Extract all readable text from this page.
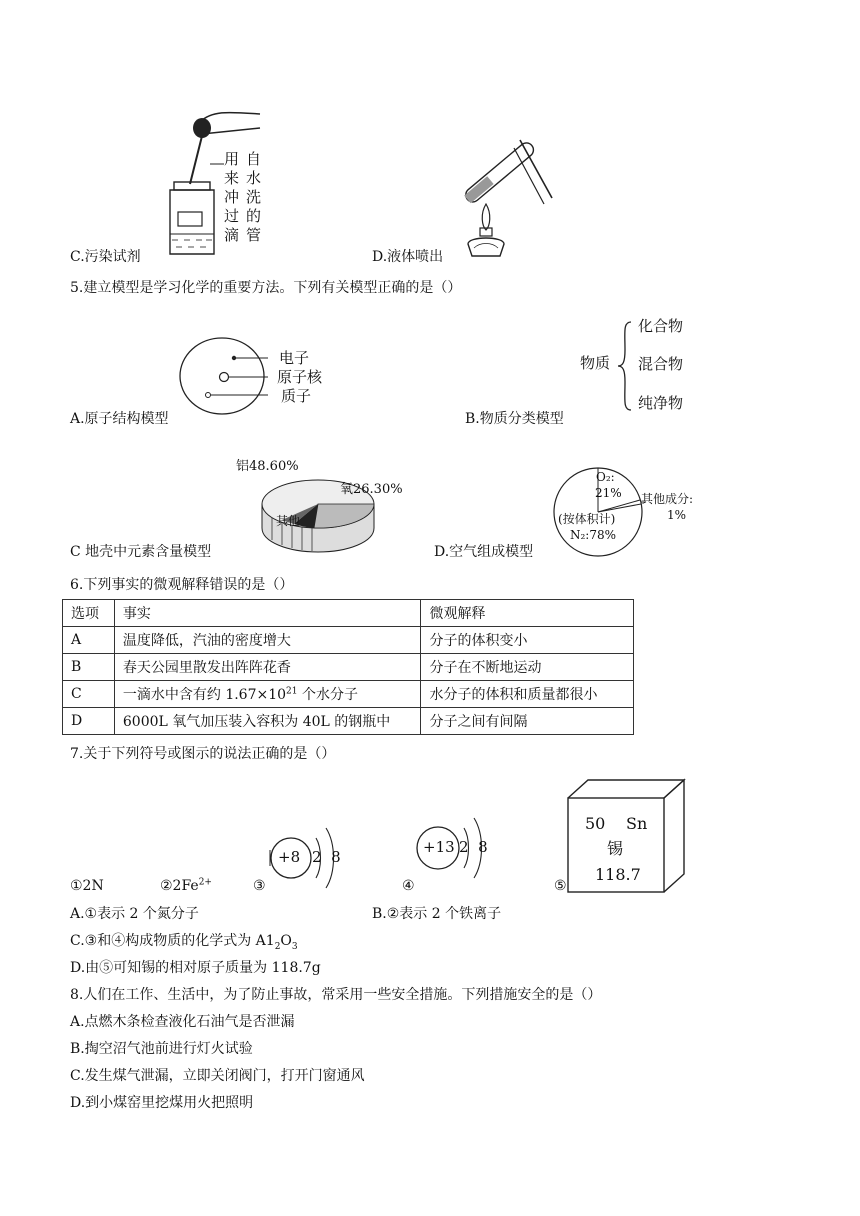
用
来
冲
过
滴
自
水
洗
的
管
C.污染试剂	D.液体喷出
5.建立模型是学习化学的重要方法。下列有关模型正确的是（）
电子
原子核
质子
物质
化合物
混合物
纯净物
A.原子结构模型	B.物质分类模型
铝48.60%
氧26.30%
其他
O₂:
21%
(按体积计)
N₂:78%
其他成分:
1%
C 地壳中元素含量模型	D.空气组成模型
6.下列事实的微观解释错误的是（）
选项	事实	微观解释
A	温度降低，汽油的密度增大	分子的体积变小
B	春天公园里散发出阵阵花香	分子在不断地运动
C	一滴水中含有约 $1.67\times 10^{21}$ 个水分子	水分子的体积和质量都很小
D	6000L 氧气加压装入容积为 40L 的钢瓶中	分子之间有间隔
7.关于下列符号或图示的说法正确的是（）
+8 2  8
+13 2  8
50 Sn
锡
118.7
①2N	$②2Fe^{2+}$	③	④	⑤
A.①表示 2 个氮分子	B.②表示 2 个铁离子
C.③和④构成物质的化学式为 $A1_2O_3$
D.由⑤可知锡的相对原子质量为 118.7g
8.人们在工作、生活中，为了防止事故，常采用一些安全措施。下列措施安全的是（）
A.点燃木条检查液化石油气是否泄漏
B.掏空沼气池前进行灯火试验
C.发生煤气泄漏，立即关闭阀门，打开门窗通风
D.到小煤窑里挖煤用火把照明
